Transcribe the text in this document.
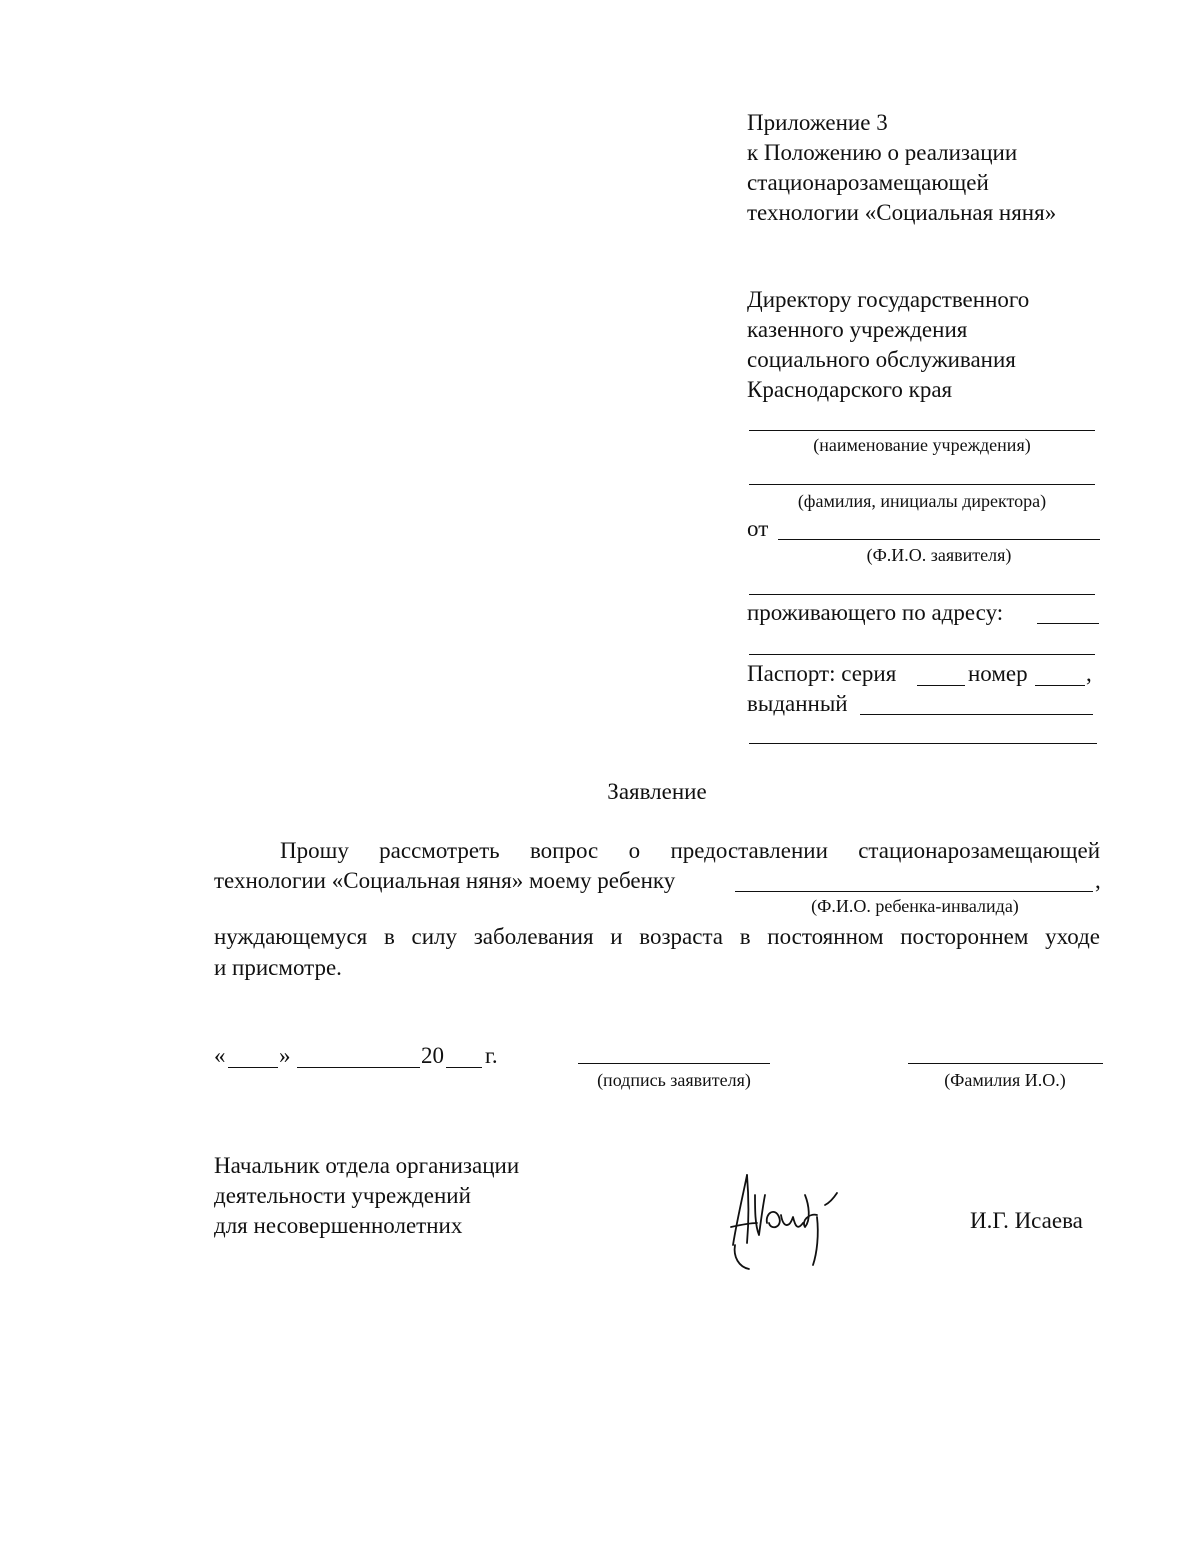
Приложение 3
к Положению о реализации
стационарозамещающей
технологии «Социальная няня»
Директору государственного
казенного учреждения
социального обслуживания
Краснодарского края
(наименование учреждения)
(фамилия, инициалы директора)
от
(Ф.И.О. заявителя)
проживающего по адресу:
Паспорт: серия	номер	,
выданный
Заявление
Прошу рассмотреть вопрос о предоставлении стационарозамещающей
технологии «Социальная няня» моему ребенку	,
(Ф.И.О. ребенка-инвалида)
нуждающемуся в силу заболевания и возраста в постоянном постороннем уходе
и присмотре.
« »	20 г.
(подпись заявителя)	(Фамилия И.О.)
Начальник отдела организации
деятельности учреждений
для несовершеннолетних	И.Г. Исаева
